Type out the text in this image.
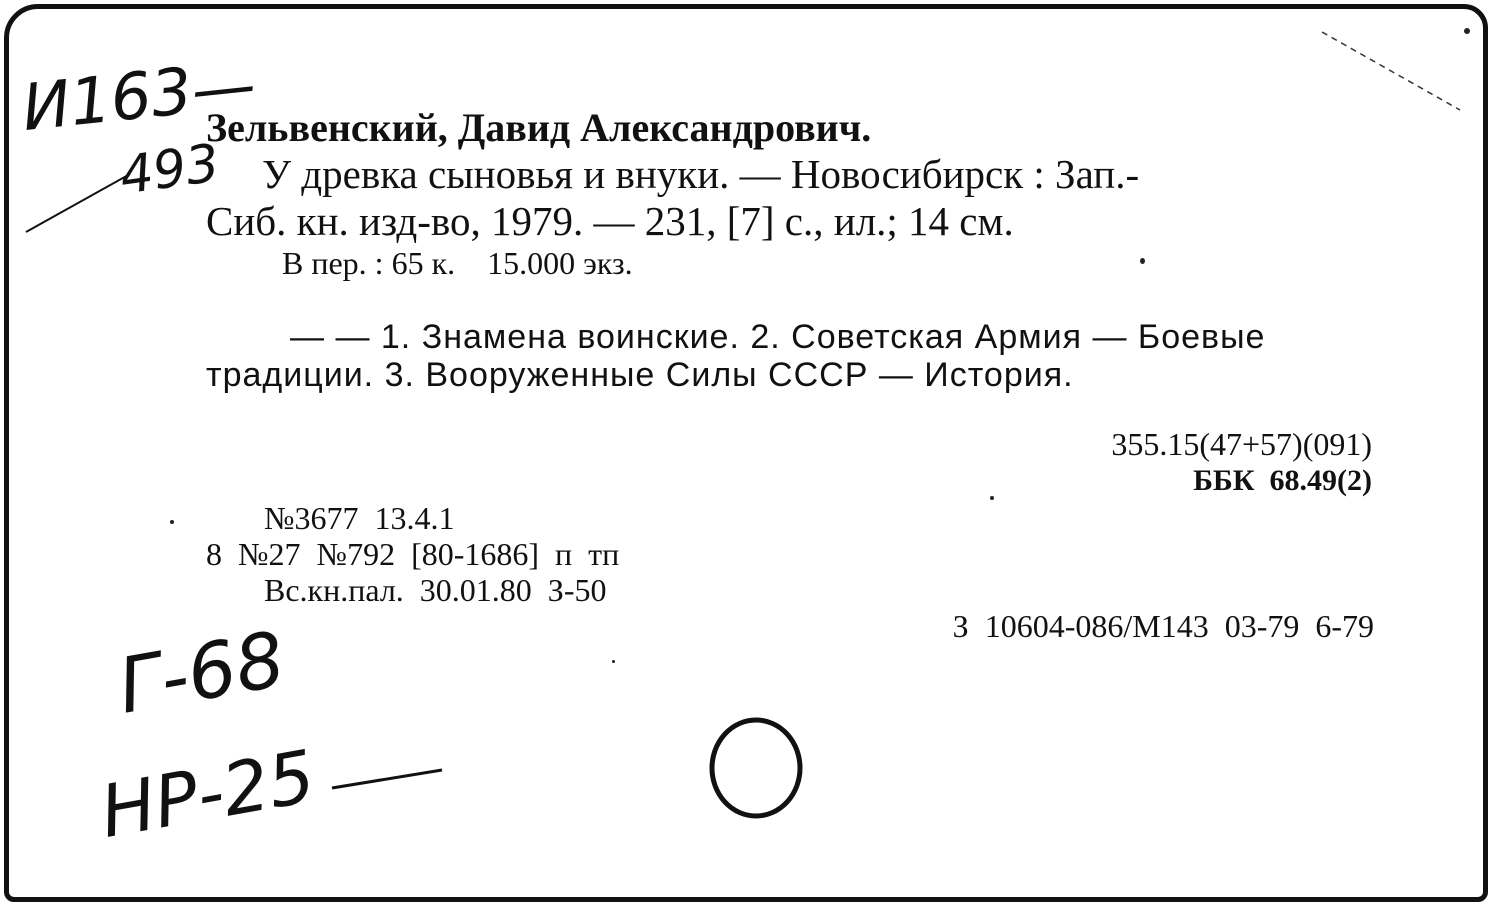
И163—
493
Зельвенский, Давид Александрович.
У древка сыновья и внуки. — Новосибирск : Зап.-
Сиб. кн. изд-во, 1979. — 231, [7] с., ил.; 14 см.
В пер. : 65 к.    15.000 экз.
— — 1. Знамена воинские. 2. Советская Армия — Боевые
традиции. 3. Вооруженные Силы СССР — История.
355.15(47+57)(091)
ББК  68.49(2)
№3677  13.4.1
8  №27  №792  [80-1686]  п  тп
Вс.кн.пал.  30.01.80  З-50
З  10604-086/М143  03-79  6-79
Г-68
НР-25
